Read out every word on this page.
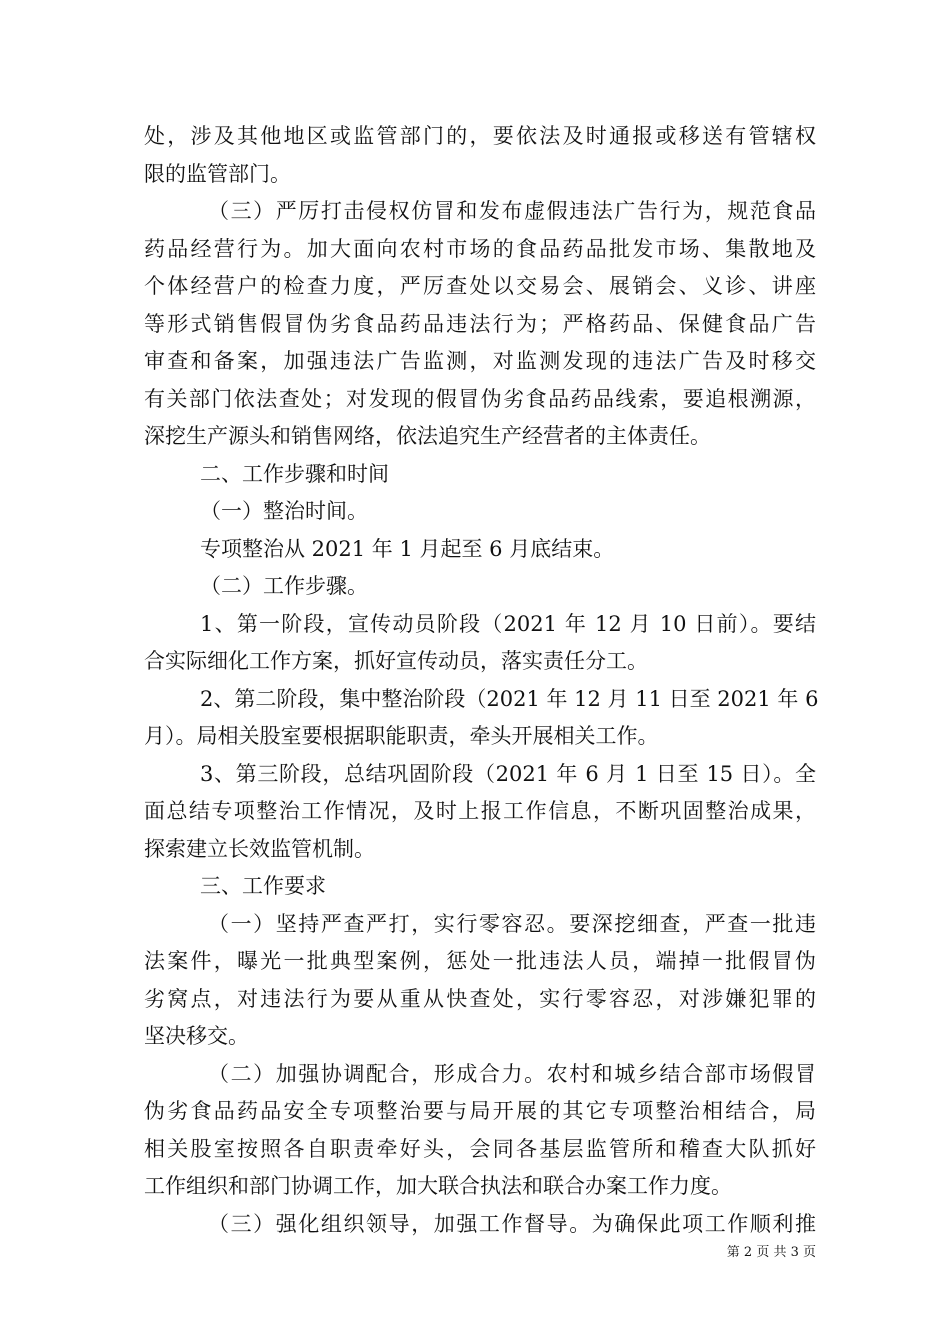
处，涉及其他地区或监管部门的，要依法及时通报或移送有管辖权
限的监管部门。
（三）严厉打击侵权仿冒和发布虚假违法广告行为，规范食品
药品经营行为。加大面向农村市场的食品药品批发市场、集散地及
个体经营户的检查力度，严厉查处以交易会、展销会、义诊、讲座
等形式销售假冒伪劣食品药品违法行为；严格药品、保健食品广告
审查和备案，加强违法广告监测，对监测发现的违法广告及时移交
有关部门依法查处；对发现的假冒伪劣食品药品线索，要追根溯源，
深挖生产源头和销售网络，依法追究生产经营者的主体责任。
二、工作步骤和时间
（一）整治时间。
专项整治从 2021 年 1 月起至 6 月底结束。
（二）工作步骤。
1、第一阶段，宣传动员阶段（2021 年 12 月 10 日前）。要结
合实际细化工作方案，抓好宣传动员，落实责任分工。
2、第二阶段，集中整治阶段（2021 年 12 月 11 日至 2021 年 6
月）。局相关股室要根据职能职责，牵头开展相关工作。
3、第三阶段，总结巩固阶段（2021 年 6 月 1 日至 15 日）。全
面总结专项整治工作情况，及时上报工作信息，不断巩固整治成果，
探索建立长效监管机制。
三、工作要求
（一）坚持严查严打，实行零容忍。要深挖细查，严查一批违
法案件，曝光一批典型案例，惩处一批违法人员，端掉一批假冒伪
劣窝点，对违法行为要从重从快查处，实行零容忍，对涉嫌犯罪的
坚决移交。
（二）加强协调配合，形成合力。农村和城乡结合部市场假冒
伪劣食品药品安全专项整治要与局开展的其它专项整治相结合，局
相关股室按照各自职责牵好头，会同各基层监管所和稽查大队抓好
工作组织和部门协调工作，加大联合执法和联合办案工作力度。
（三）强化组织领导，加强工作督导。为确保此项工作顺利推
第 2 页 共 3 页
